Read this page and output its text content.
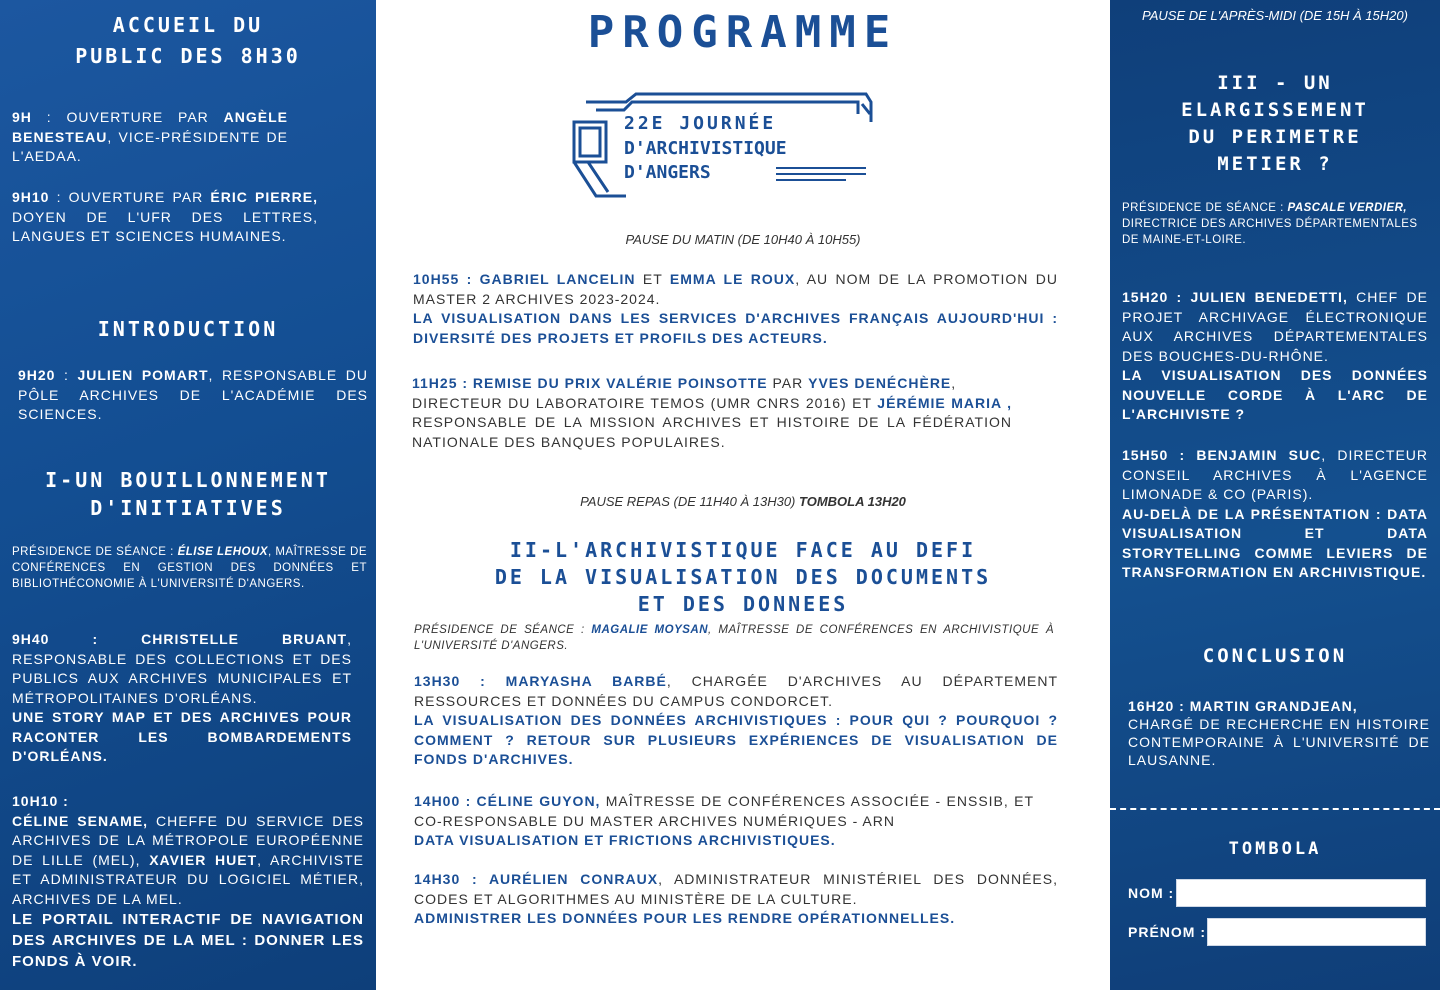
ACCUEIL DU
PUBLIC DES 8H30

9H : OUVERTURE PAR ANGÈLE BENESTEAU, VICE-PRÉSIDENTE DE L'AEDAA.

9H10 : OUVERTURE PAR ÉRIC PIERRE, DOYEN DE L'UFR DES LETTRES, LANGUES ET SCIENCES HUMAINES.

INTRODUCTION

9H20 : JULIEN POMART, RESPONSABLE DU PÔLE ARCHIVES DE L'ACADÉMIE DES SCIENCES.

I-UN BOUILLONNEMENT
D'INITIATIVES

PRÉSIDENCE DE SÉANCE : ÉLISE LEHOUX, MAÎTRESSE DE CONFÉRENCES EN GESTION DES DONNÉES ET BIBLIOTHÉCONOMIE À L'UNIVERSITÉ D'ANGERS.

9H40 : CHRISTELLE BRUANT, RESPONSABLE DES COLLECTIONS ET DES PUBLICS AUX ARCHIVES MUNICIPALES ET MÉTROPOLITAINES D'ORLÉANS.

UNE STORY MAP ET DES ARCHIVES POUR RACONTER LES BOMBARDEMENTS D'ORLÉANS.

10H10 :

CÉLINE SENAME, CHEFFE DU SERVICE DES ARCHIVES DE LA MÉTROPOLE EUROPÉENNE DE LILLE (MEL), XAVIER HUET, ARCHIVISTE ET ADMINISTRATEUR DU LOGICIEL MÉTIER, ARCHIVES DE LA MEL.

LE PORTAIL INTERACTIF DE NAVIGATION DES ARCHIVES DE LA MEL : DONNER LES FONDS À VOIR.

PROGRAMME
22E JOURNÉE
D'ARCHIVISTIQUE
D'ANGERS
PAUSE DU MATIN (DE 10H40 À 10H55)

10H55 : GABRIEL LANCELIN ET EMMA LE ROUX, AU NOM DE LA PROMOTION DU MASTER 2 ARCHIVES 2023-2024.

LA VISUALISATION DANS LES SERVICES D'ARCHIVES FRANÇAIS AUJOURD'HUI : DIVERSITÉ DES PROJETS ET PROFILS DES ACTEURS.

11H25 : REMISE DU PRIX VALÉRIE POINSOTTE PAR YVES DENÉCHÈRE,

DIRECTEUR DU LABORATOIRE TEMOS (UMR CNRS 2016) ET JÉRÉMIE MARIA , RESPONSABLE DE LA MISSION ARCHIVES ET HISTOIRE DE LA FÉDÉRATION NATIONALE DES BANQUES POPULAIRES.

PAUSE REPAS (DE 11H40 À 13H30) TOMBOLA 13H20
II-L'ARCHIVISTIQUE FACE AU DEFI
DE LA VISUALISATION DES DOCUMENTS
ET DES DONNEES

PRÉSIDENCE DE SÉANCE : MAGALIE MOYSAN, MAÎTRESSE DE CONFÉRENCES EN ARCHIVISTIQUE À L'UNIVERSITÉ D'ANGERS.

13H30 : MARYASHA BARBÉ, CHARGÉE D'ARCHIVES AU DÉPARTEMENT RESSOURCES ET DONNÉES DU CAMPUS CONDORCET.

LA VISUALISATION DES DONNÉES ARCHIVISTIQUES : POUR QUI ? POURQUOI ? COMMENT ? RETOUR SUR PLUSIEURS EXPÉRIENCES DE VISUALISATION DE FONDS D'ARCHIVES.

14H00 : CÉLINE GUYON, MAÎTRESSE DE CONFÉRENCES ASSOCIÉE - ENSSIB, ET CO-RESPONSABLE DU MASTER ARCHIVES NUMÉRIQUES - ARN

DATA VISUALISATION ET FRICTIONS ARCHIVISTIQUES.

14H30 : AURÉLIEN CONRAUX, ADMINISTRATEUR MINISTÉRIEL DES DONNÉES, CODES ET ALGORITHMES AU MINISTÈRE DE LA CULTURE.

ADMINISTRER LES DONNÉES POUR LES RENDRE OPÉRATIONNELLES.

PAUSE DE L'APRÈS-MIDI (DE 15H À 15H20)
III - UN
ELARGISSEMENT
DU PERIMETRE
METIER ?

PRÉSIDENCE DE SÉANCE : PASCALE VERDIER, DIRECTRICE DES ARCHIVES DÉPARTEMENTALES DE MAINE-ET-LOIRE.

15H20 : JULIEN BENEDETTI, CHEF DE PROJET ARCHIVAGE ÉLECTRONIQUE AUX ARCHIVES DÉPARTEMENTALES DES BOUCHES-DU-RHÔNE.

LA VISUALISATION DES DONNÉES NOUVELLE CORDE À L'ARC DE L'ARCHIVISTE ?

15H50 : BENJAMIN SUC, DIRECTEUR CONSEIL ARCHIVES À L'AGENCE LIMONADE & CO (PARIS).

AU-DELÀ DE LA PRÉSENTATION : DATA VISUALISATION ET DATA STORYTELLING COMME LEVIERS DE TRANSFORMATION EN ARCHIVISTIQUE.

CONCLUSION

16H20 : MARTIN GRANDJEAN,

CHARGÉ DE RECHERCHE EN HISTOIRE CONTEMPORAINE À L'UNIVERSITÉ DE LAUSANNE.

TOMBOLA
NOM :
PRÉNOM :
